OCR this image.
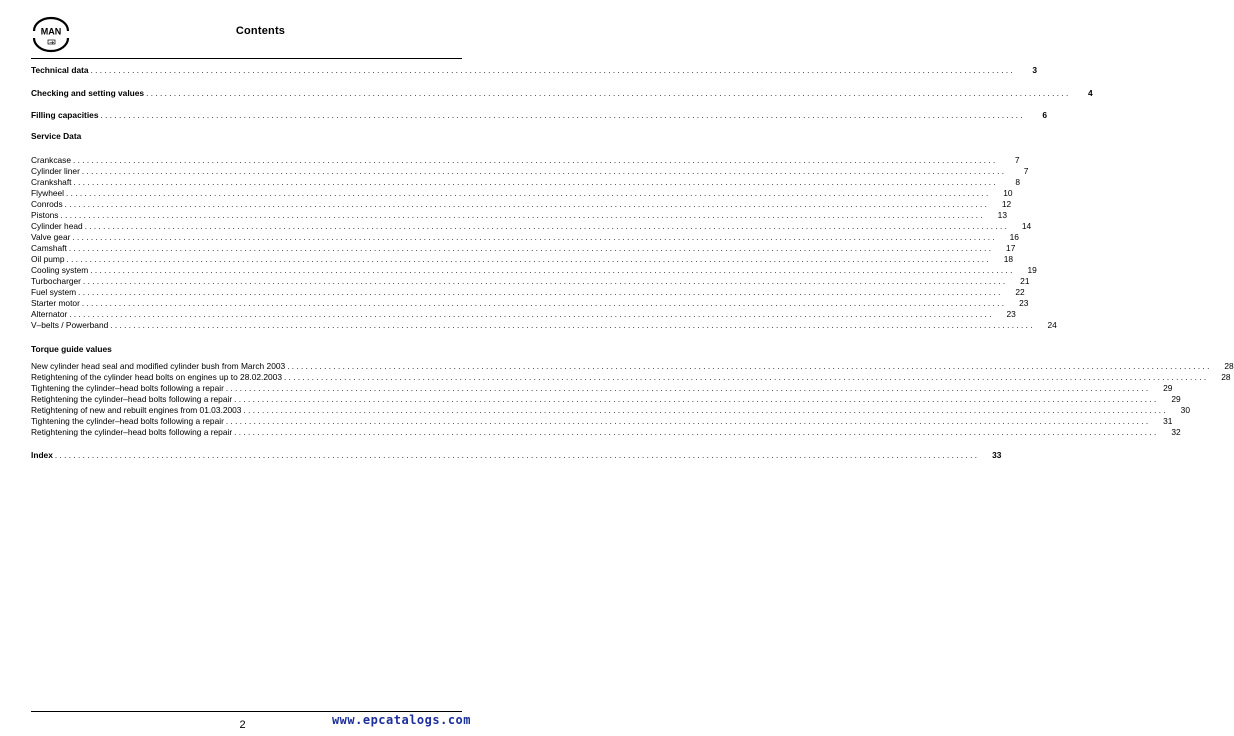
MAN	Contents
Technical data ........................................................................................................................................................................................................	3
Checking and setting values ........................................................................................................................................................................................................	4
Filling capacities ........................................................................................................................................................................................................	6
Service Data
Crankcase ........................................................................................................................................................................................................	7
Cylinder liner ........................................................................................................................................................................................................	7
Crankshaft ........................................................................................................................................................................................................	8
Flywheel ........................................................................................................................................................................................................	10
Conrods ........................................................................................................................................................................................................	12
Pistons ........................................................................................................................................................................................................	13
Cylinder head ........................................................................................................................................................................................................	14
Valve gear ........................................................................................................................................................................................................	16
Camshaft ........................................................................................................................................................................................................	17
Oil pump ........................................................................................................................................................................................................	18
Cooling system ........................................................................................................................................................................................................	19
Turbocharger ........................................................................................................................................................................................................	21
Fuel system ........................................................................................................................................................................................................	22
Starter motor ........................................................................................................................................................................................................	23
Alternator ........................................................................................................................................................................................................	23
V–belts / Powerband ........................................................................................................................................................................................................	24
Torque guide values
New cylinder head seal and modified cylinder bush from March 2003 ........................................................................................................................................................................................................	28
Retightening of the cylinder head bolts on engines up to 28.02.2003 ........................................................................................................................................................................................................	28
Tightening the cylinder–head bolts following a repair ........................................................................................................................................................................................................	29
Retightening the cylinder–head bolts following a repair ........................................................................................................................................................................................................	29
Retightening of new and rebuilt engines from 01.03.2003 ........................................................................................................................................................................................................	30
Tightening the cylinder–head bolts following a repair ........................................................................................................................................................................................................	31
Retightening the cylinder–head bolts following a repair ........................................................................................................................................................................................................	32
Index ........................................................................................................................................................................................................	33
2	www.epcatalogs.com
